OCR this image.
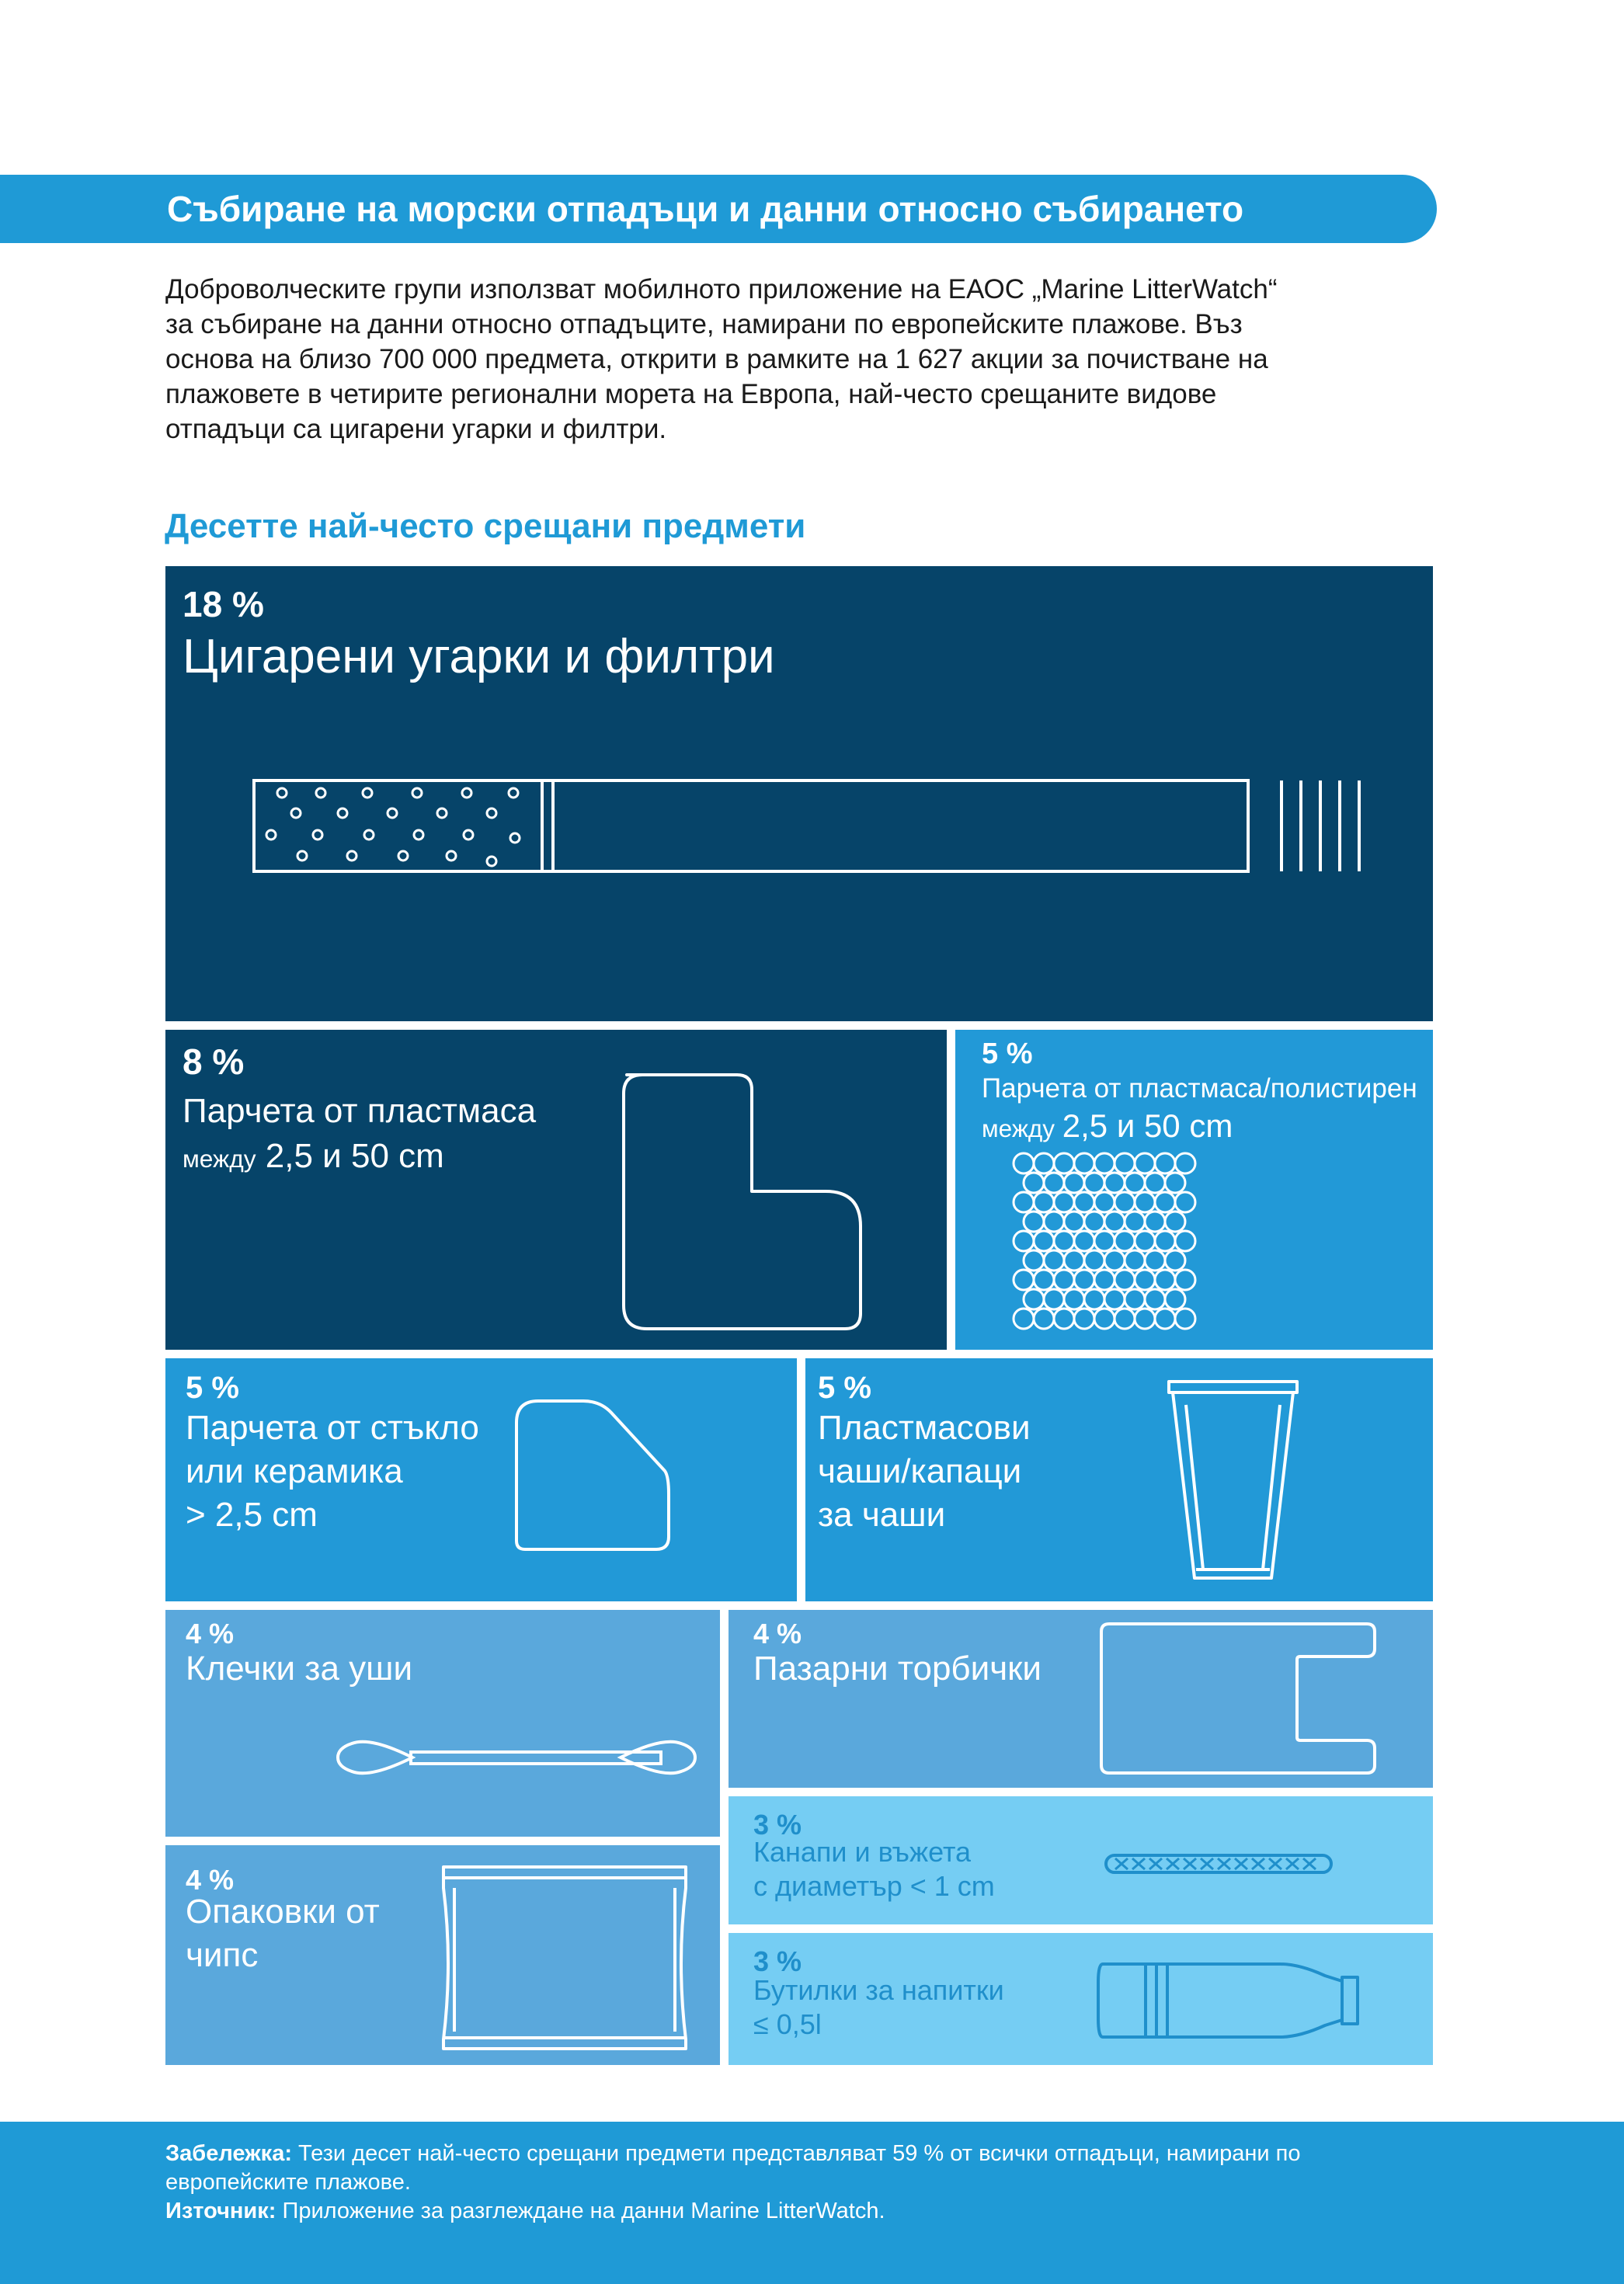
Събиране на морски отпадъци и данни относно събирането

Доброволческите групи използват мобилното приложение на ЕАОС „Marine LitterWatch“
за събиране на данни относно отпадъците, намирани по европейските плажове. Въз
основа на близо 700 000 предмета, открити в рамките на 1 627 акции за почистване на
плажовете в четирите регионални морета на Европа, най-често срещаните видове
отпадъци са цигарени угарки и филтри.

Десетте най-често срещани предмети
18 %
Цигарени угарки и филтри
8 %
Парчета от пластмаса
между 2,5 и 50 cm
5 %
Парчета от пластмаса/полистирен
между 2,5 и 50 cm
5 %
Парчета от стъкло
или керамика
> 2,5 cm
5 %
Пластмасови
чаши/капаци
за чаши
4 %
Клечки за уши
4 %
Пазарни торбички
4 %
Опаковки от
чипс
3 %
Канапи и въжета
с диаметър < 1 cm
3 %
Бутилки за напитки
≤ 0,5l
Забележка: Тези десет най-често срещани предмети представляват 59 % от всички отпадъци, намирани по
европейските плажове.
Източник: Приложение за разглеждане на данни Marine LitterWatch.
